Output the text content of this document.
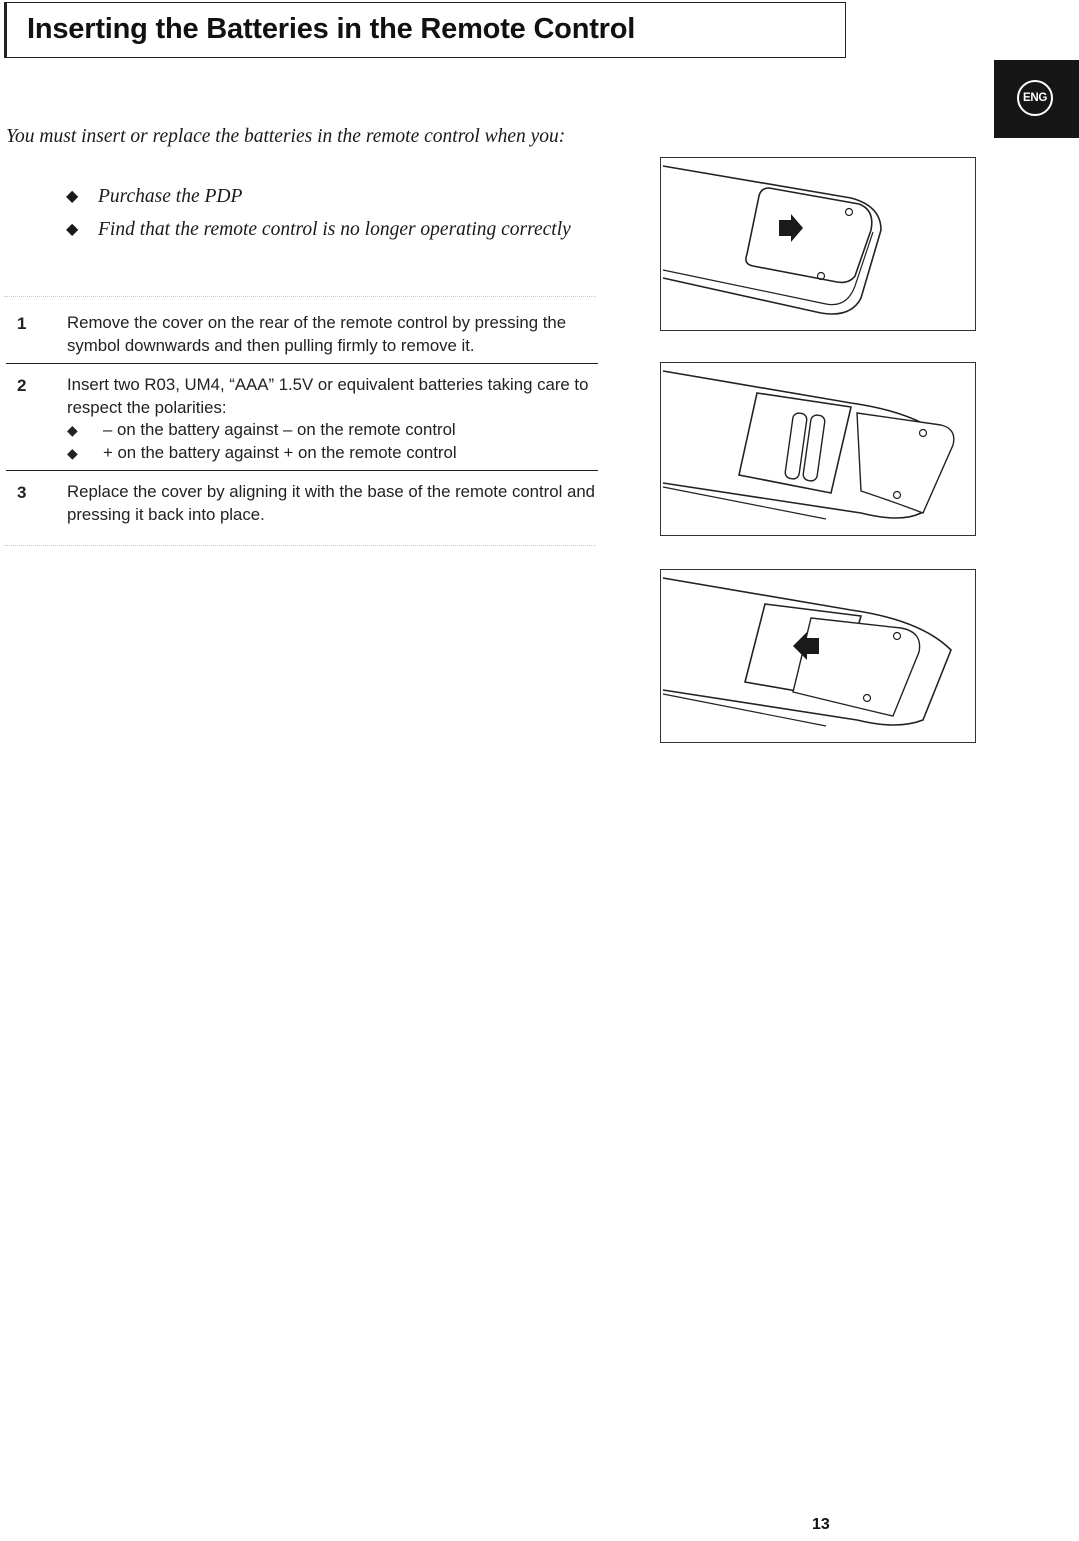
Inserting the Batteries in the Remote Control
ENG
You must insert or replace the batteries in the remote control when you:
◆ Purchase the PDP
◆ Find that the remote control is no longer operating correctly
1 Remove the cover on the rear of the remote control by pressing the symbol downwards and then pulling firmly to remove it.
2 Insert two R03, UM4, “AAA” 1.5V or equivalent batteries taking care to respect the polarities:
◆ – on the battery against – on the remote control
◆ + on the battery against + on the remote control
3 Replace the cover by aligning it with the base of the remote control and pressing it back into place.
13
